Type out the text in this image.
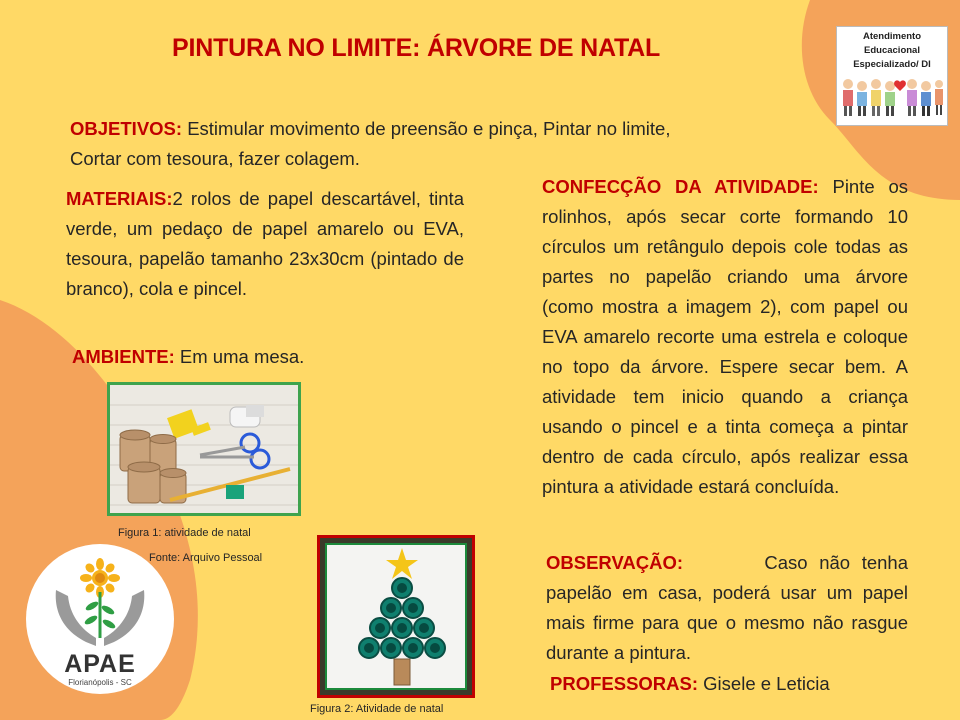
PINTURA NO LIMITE: ÁRVORE DE NATAL	Atendimento
Educacional
Especializado/ DI
OBJETIVOS: Estimular movimento de preensão e pinça, Pintar no limite,
Cortar com tesoura, fazer colagem.
MATERIAIS:2 rolos de papel descartável, tinta verde, um pedaço de papel amarelo ou EVA, tesoura, papelão tamanho 23x30cm (pintado de branco), cola e pincel.
AMBIENTE: Em uma mesa.
CONFECÇÃO DA ATIVIDADE: Pinte os rolinhos, após secar corte formando 10 círculos um retângulo depois cole todas as partes no papelão criando uma árvore (como mostra a imagem 2), com papel ou EVA amarelo recorte uma estrela e coloque no topo da árvore. Espere secar bem. A atividade tem inicio quando a criança usando o pincel e a tinta começa a pintar dentro de cada círculo, após realizar essa pintura a atividade estará concluída.
OBSERVAÇÃO:	Caso não tenha papelão em casa, poderá usar um papel mais firme para que o mesmo não rasgue durante a pintura.
PROFESSORAS: Gisele e Leticia
Figura 1: atividade de natal
Fonte: Arquivo Pessoal
Figura 2: Atividade de natal
APAE
Florianópolis - SC
